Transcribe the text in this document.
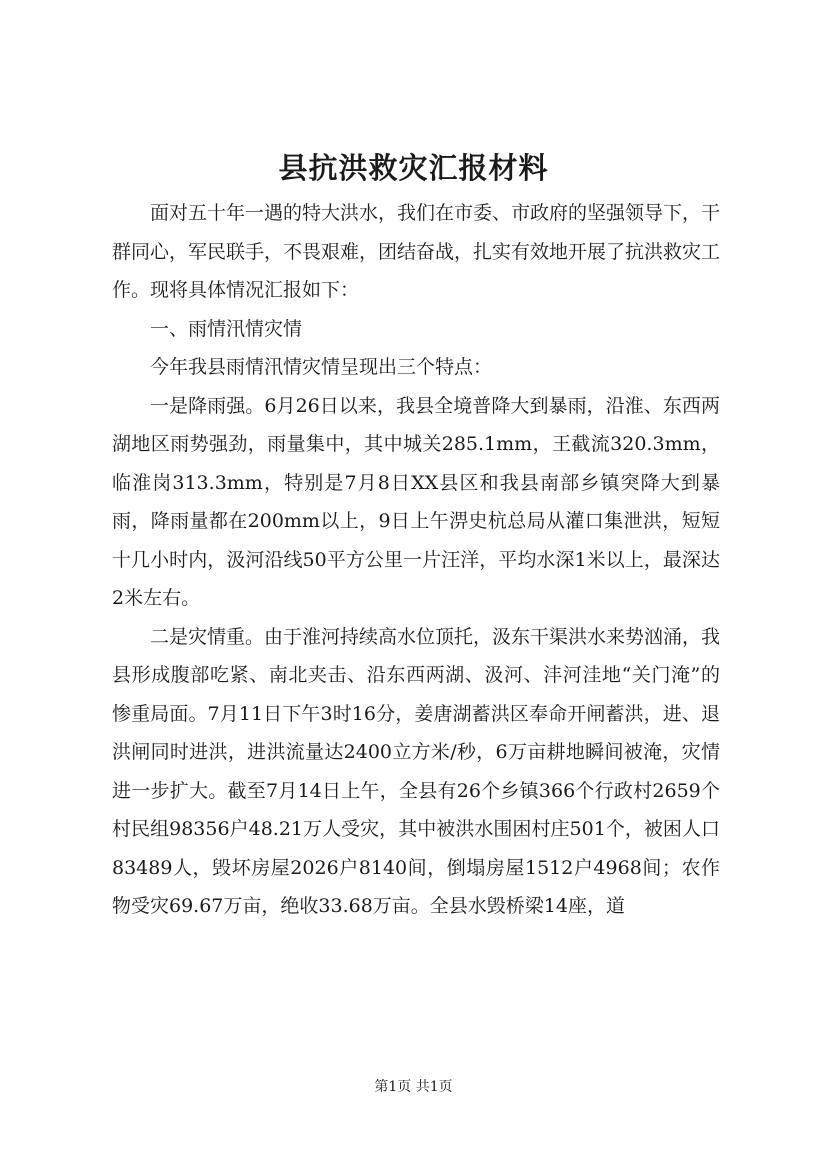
县抗洪救灾汇报材料

面对五十年一遇的特大洪水，我们在市委、市政府的坚强领导下，干群同心，军民联手，不畏艰难，团结奋战，扎实有效地开展了抗洪救灾工作。现将具体情况汇报如下：

一、雨情汛情灾情

今年我县雨情汛情灾情呈现出三个特点：

一是降雨强。6月26日以来，我县全境普降大到暴雨，沿淮、东西两湖地区雨势强劲，雨量集中，其中城关285.1mm，王截流320.3mm，临淮岗313.3mm，特别是7月8日XX县区和我县南部乡镇突降大到暴雨，降雨量都在200mm以上，9日上午淠史杭总局从灌口集泄洪，短短十几小时内，汲河沿线50平方公里一片汪洋，平均水深1米以上，最深达2米左右。

二是灾情重。由于淮河持续高水位顶托，汲东干渠洪水来势汹涌，我县形成腹部吃紧、南北夹击、沿东西两湖、汲河、沣河洼地“关门淹”的惨重局面。7月11日下午3时16分，姜唐湖蓄洪区奉命开闸蓄洪，进、退洪闸同时进洪，进洪流量达2400立方米/秒，6万亩耕地瞬间被淹，灾情进一步扩大。截至7月14日上午，全县有26个乡镇366个行政村2659个村民组98356户48.21万人受灾，其中被洪水围困村庄501个，被困人口83489人，毁坏房屋2026户8140间，倒塌房屋1512户4968间；农作物受灾69.67万亩，绝收33.68万亩。全县水毁桥梁14座，道

第1页 共1页
